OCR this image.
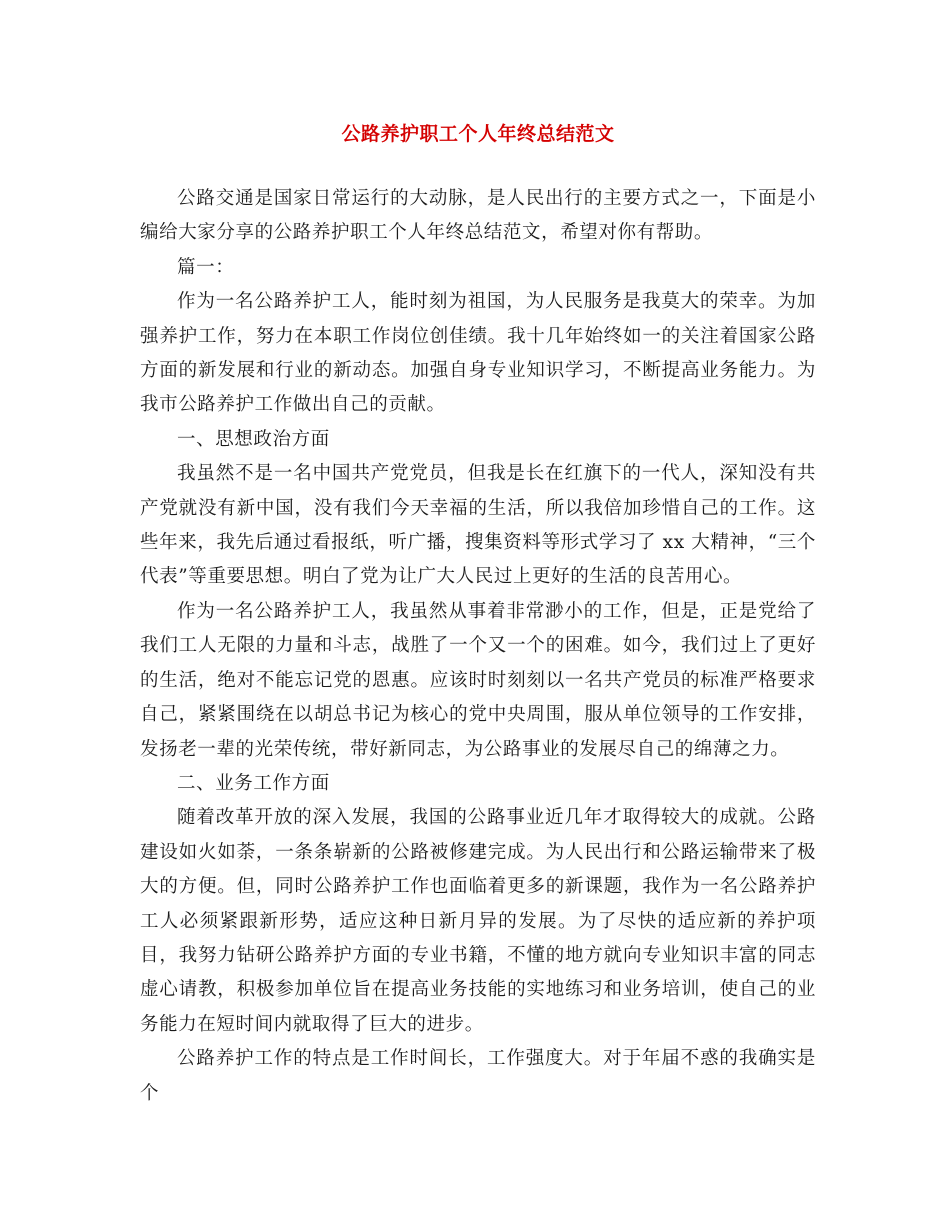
公路养护职工个人年终总结范文

公路交通是国家日常运行的大动脉，是人民出行的主要方式之一，下面是小编给大家分享的公路养护职工个人年终总结范文，希望对你有帮助。

篇一：

作为一名公路养护工人，能时刻为祖国，为人民服务是我莫大的荣幸。为加强养护工作，努力在本职工作岗位创佳绩。我十几年始终如一的关注着国家公路方面的新发展和行业的新动态。加强自身专业知识学习，不断提高业务能力。为我市公路养护工作做出自己的贡献。

一、思想政治方面

我虽然不是一名中国共产党党员，但我是长在红旗下的一代人，深知没有共产党就没有新中国，没有我们今天幸福的生活，所以我倍加珍惜自己的工作。这些年来，我先后通过看报纸，听广播，搜集资料等形式学习了 xx 大精神，“三个代表”等重要思想。明白了党为让广大人民过上更好的生活的良苦用心。

作为一名公路养护工人，我虽然从事着非常渺小的工作，但是，正是党给了我们工人无限的力量和斗志，战胜了一个又一个的困难。如今，我们过上了更好的生活，绝对不能忘记党的恩惠。应该时时刻刻以一名共产党员的标准严格要求自己，紧紧围绕在以胡总书记为核心的党中央周围，服从单位领导的工作安排，发扬老一辈的光荣传统，带好新同志，为公路事业的发展尽自己的绵薄之力。

二、业务工作方面

随着改革开放的深入发展，我国的公路事业近几年才取得较大的成就。公路建设如火如荼，一条条崭新的公路被修建完成。为人民出行和公路运输带来了极大的方便。但，同时公路养护工作也面临着更多的新课题，我作为一名公路养护工人必须紧跟新形势，适应这种日新月异的发展。为了尽快的适应新的养护项目，我努力钻研公路养护方面的专业书籍，不懂的地方就向专业知识丰富的同志虚心请教，积极参加单位旨在提高业务技能的实地练习和业务培训，使自己的业务能力在短时间内就取得了巨大的进步。

公路养护工作的特点是工作时间长，工作强度大。对于年届不惑的我确实是个
